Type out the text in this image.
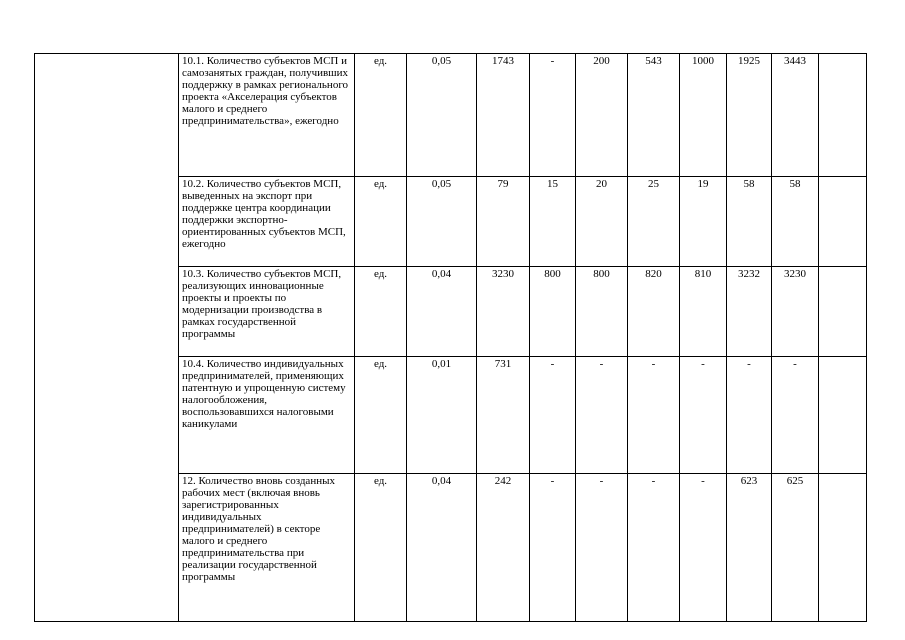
	10.1. Количество субъектов МСП и самозанятых граждан, получивших поддержку в рамках регионального проекта «Акселерация субъектов малого и среднего предпринимательства», ежегодно	ед.	0,05	1743	-	200	543	1000	1925	3443	
	10.2. Количество субъектов МСП, выведенных на экспорт при поддержке центра координации поддержки экспортно-ориентированных субъектов МСП, ежегодно	ед.	0,05	79	15	20	25	19	58	58	
	10.3. Количество субъектов МСП, реализующих инновационные проекты и проекты по модернизации производства в рамках государственной программы	ед.	0,04	3230	800	800	820	810	3232	3230	
	10.4. Количество индивидуальных предпринимателей, применяющих патентную и упрощенную систему налогообложения, воспользовавшихся налоговыми каникулами	ед.	0,01	731	-	-	-	-	-	-	
	12. Количество вновь созданных рабочих мест (включая вновь зарегистрированных индивидуальных предпринимателей) в секторе малого и среднего предпринимательства при реализации государственной программы	ед.	0,04	242	-	-	-	-	623	625	
